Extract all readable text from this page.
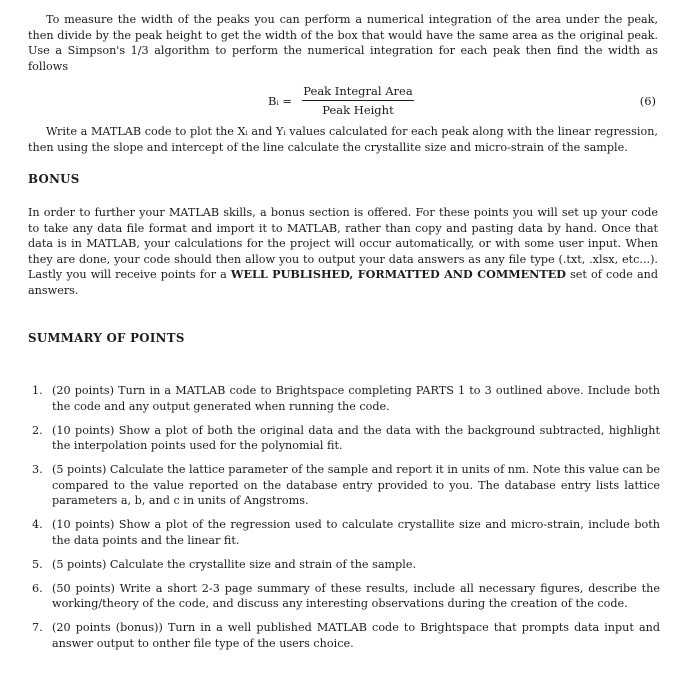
To measure the width of the peaks you can perform a numerical integration of the area under the peak, then divide by the peak height to get the width of the box that would have the same area as the original peak. Use a Simpson's 1/3 algorithm to perform the numerical integration for each peak then find the width as follows

Bᵢ =
Peak Integral Area
Peak Height
(6)

Write a MATLAB code to plot the Xᵢ and Yᵢ values calculated for each peak along with the linear regression, then using the slope and intercept of the line calculate the crystallite size and micro-strain of the sample.

BONUS

In order to further your MATLAB skills, a bonus section is offered. For these points you will set up your code to take any data file format and import it to MATLAB, rather than copy and pasting data by hand. Once that data is in MATLAB, your calculations for the project will occur automatically, or with some user input. When they are done, your code should then allow you to output your data answers as any file type (.txt, .xlsx, etc...). Lastly you will receive points for a WELL PUBLISHED, FORMATTED AND COMMENTED set of code and answers.

SUMMARY OF POINTS
1. (20 points) Turn in a MATLAB code to Brightspace completing PARTS 1 to 3 outlined above. Include both the code and any output generated when running the code.
2. (10 points) Show a plot of both the original data and the data with the background subtracted, highlight the interpolation points used for the polynomial fit.
3. (5 points) Calculate the lattice parameter of the sample and report it in units of nm. Note this value can be compared to the value reported on the database entry provided to you. The database entry lists lattice parameters a, b, and c in units of Angstroms.
4. (10 points) Show a plot of the regression used to calculate crystallite size and micro-strain, include both the data points and the linear fit.
5. (5 points) Calculate the crystallite size and strain of the sample.
6. (50 points) Write a short 2-3 page summary of these results, include all necessary figures, describe the working/theory of the code, and discuss any interesting observations during the creation of the code.
7. (20 points (bonus)) Turn in a well published MATLAB code to Brightspace that prompts data input and answer output to onther file type of the users choice.
